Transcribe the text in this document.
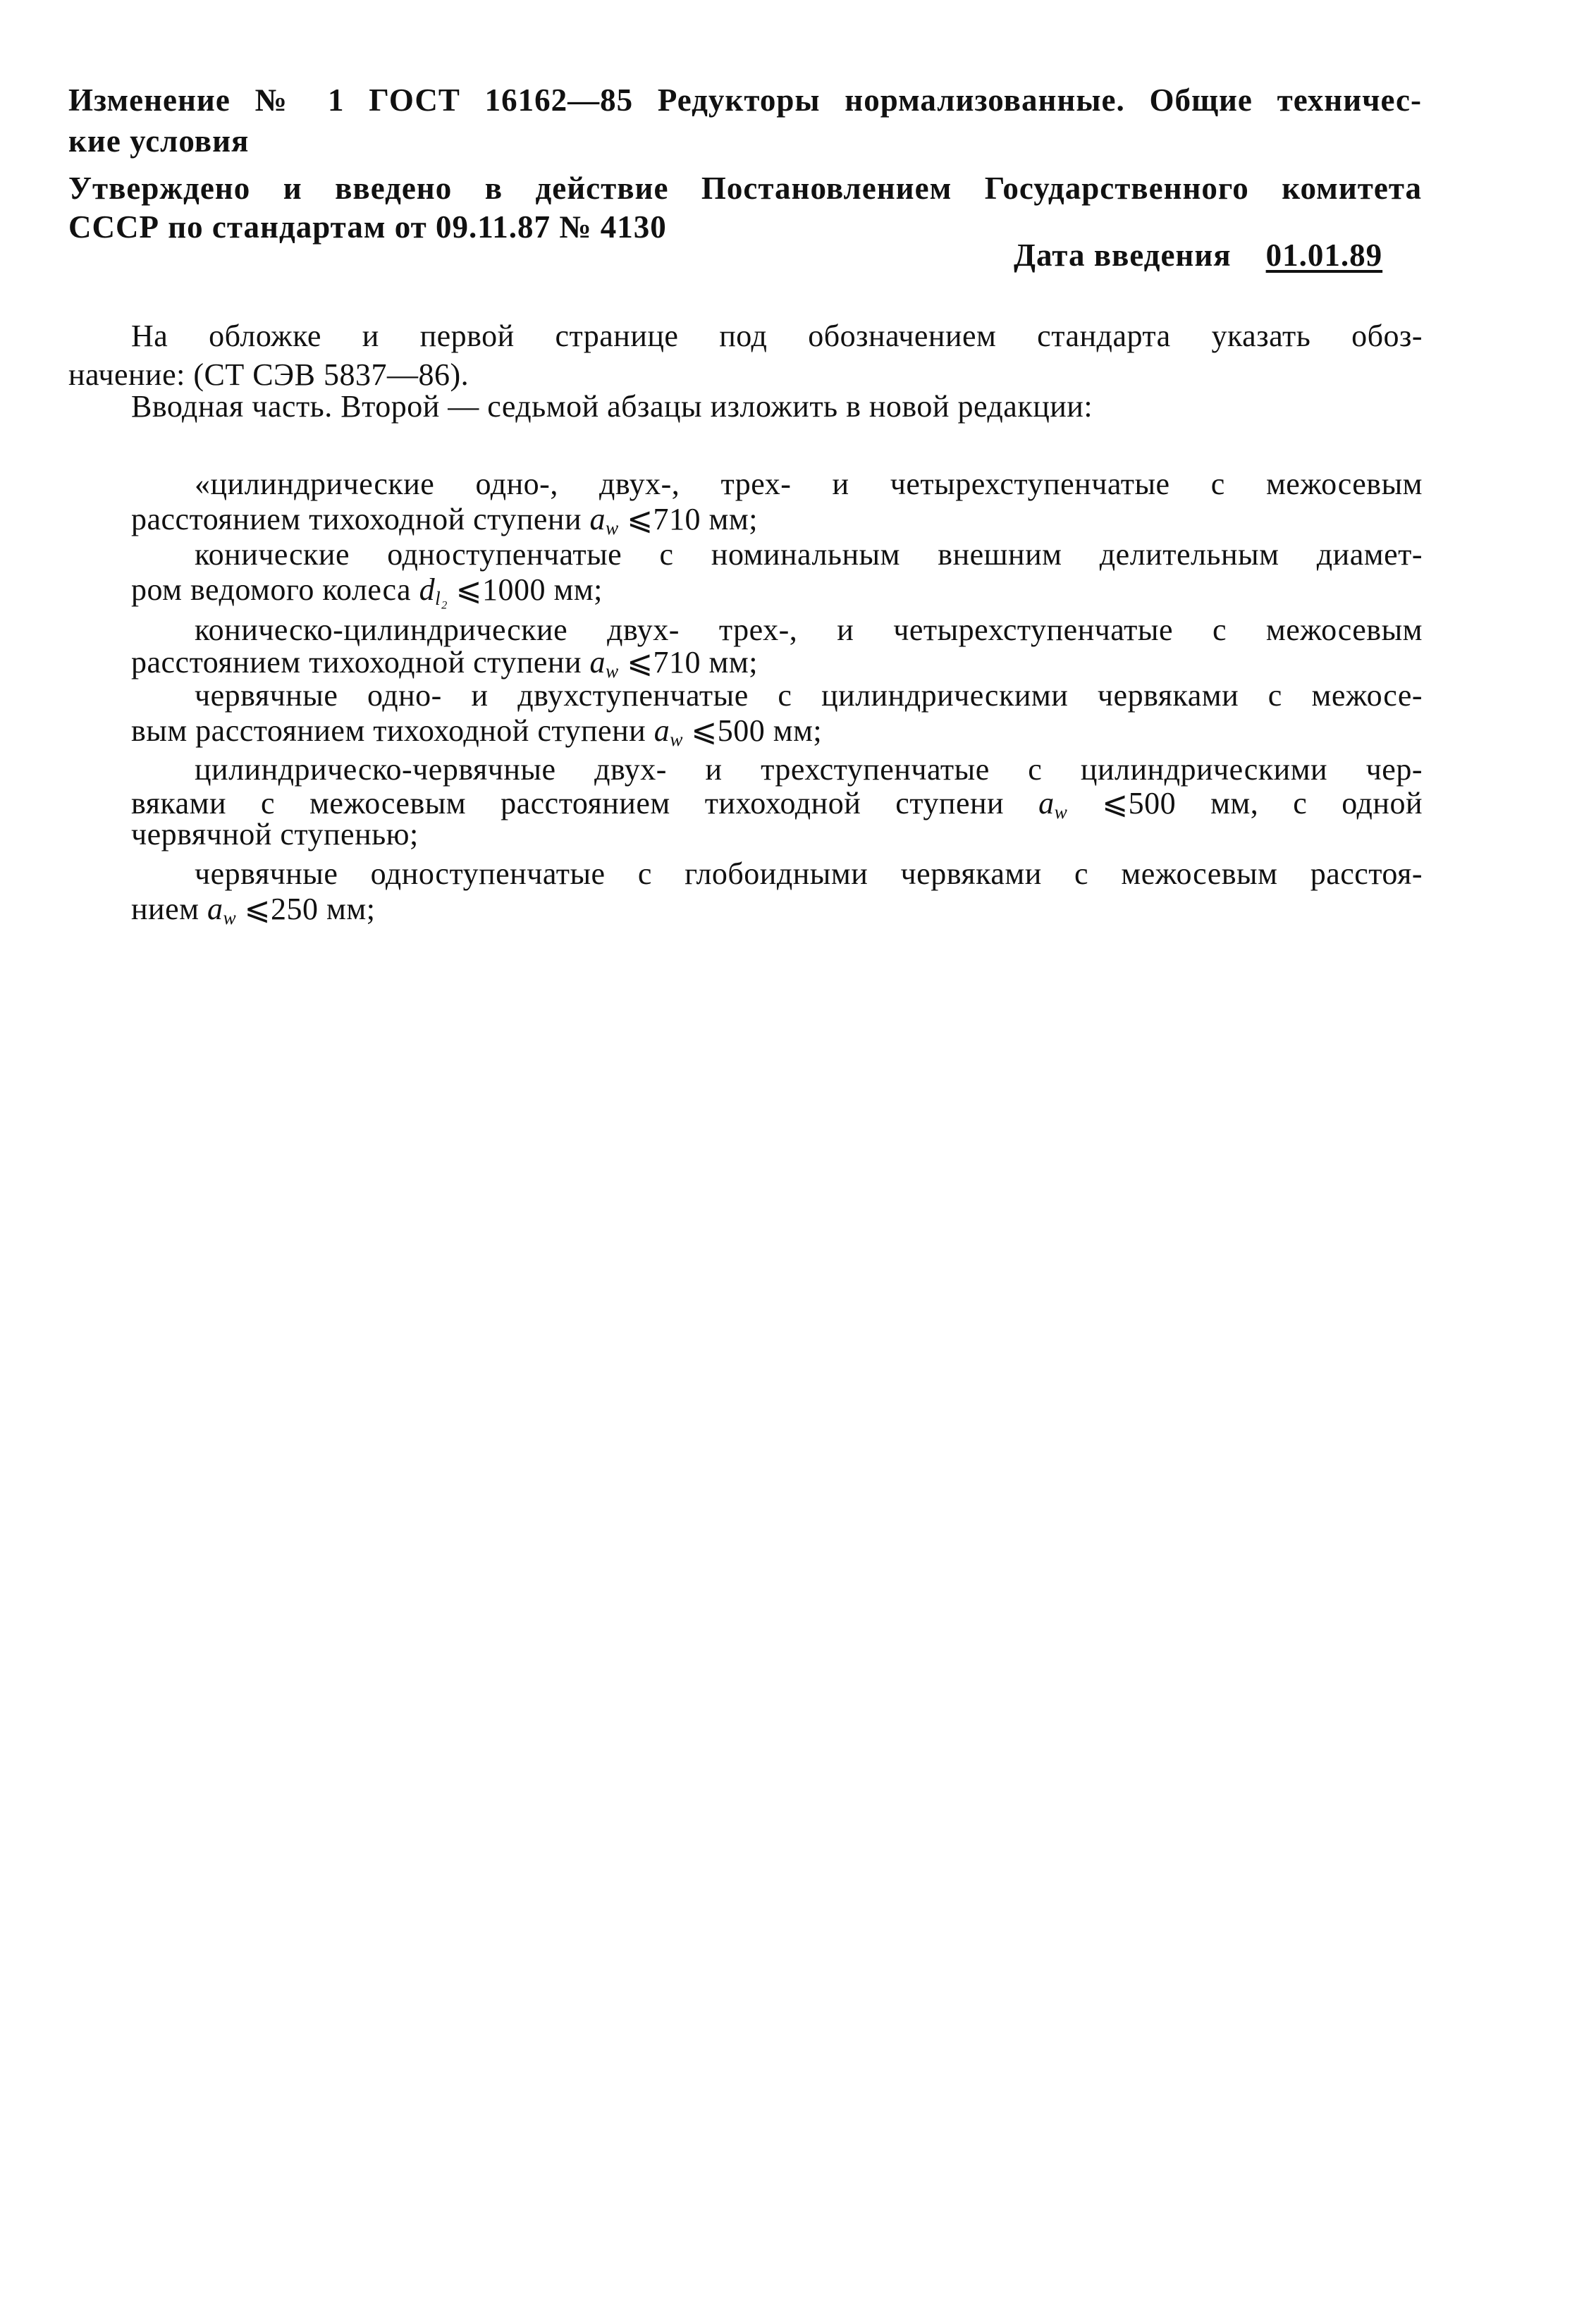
Изменение № 1 ГОСТ 16162—85 Редукторы нормализованные. Общие техничес-
кие условия
Утверждено и введено в действие Постановлением Государственного комитета
СССР по стандартам от 09.11.87 № 4130
Дата введения 01.01.89
На обложке и первой странице под обозначением стандарта указать обоз-
начение: (СТ СЭВ 5837—86).
Вводная часть. Второй — седьмой абзацы изложить в новой редакции:
«цилиндрические одно-, двух-, трех- и четырехступенчатые с межосевым
расстоянием тихоходной ступени $a_w$ ⩽710 мм;
конические одноступенчатые с номинальным внешним делительным диамет-
ром ведомого колеса $d_{l_2}$ ⩽1000 мм;
коническо-цилиндрические двух- трех-, и четырехступенчатые с межосевым
расстоянием тихоходной ступени $a_w$ ⩽710 мм;
червячные одно- и двухступенчатые с цилиндрическими червяками с межосе-
вым расстоянием тихоходной ступени $a_w$ ⩽500 мм;
цилиндрическо-червячные двух- и трехступенчатые с цилиндрическими чер-
вяками с межосевым расстоянием тихоходной ступени $a_w$ ⩽500 мм, с одной
червячной ступенью;
червячные одноступенчатые с глобоидными червяками с межосевым расстоя-
нием $a_w$ ⩽250 мм;
